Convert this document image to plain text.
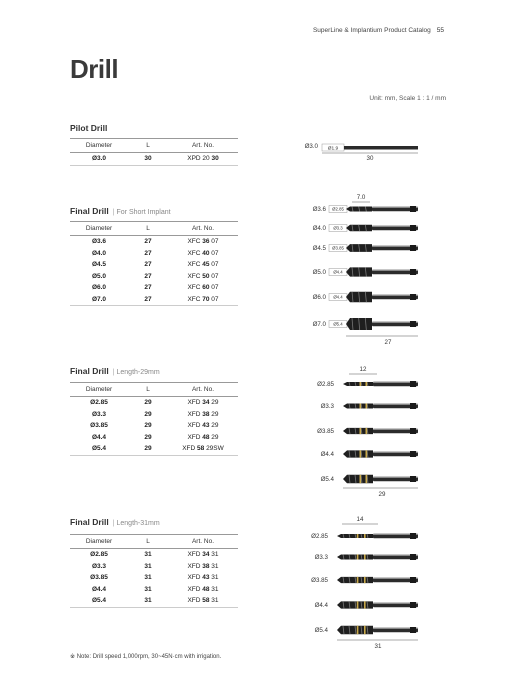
SuperLine & Implantium Product Catalog 55
Drill
Unit: mm, Scale 1 : 1 / mm
Pilot Drill
Diameter	L	Art. No.
Ø3.0	30	XPD 20 30
Final Drill | For Short Implant
Diameter	L	Art. No.
Ø3.6	27	XFC 36 07
Ø4.0	27	XFC 40 07
Ø4.5	27	XFC 45 07
Ø5.0	27	XFC 50 07
Ø6.0	27	XFC 60 07
Ø7.0	27	XFC 70 07
Final Drill | Length-29mm
Diameter	L	Art. No.
Ø2.85	29	XFD 34 29
Ø3.3	29	XFD 38 29
Ø3.85	29	XFD 43 29
Ø4.4	29	XFD 48 29
Ø5.4	29	XFD 58 29SW
Final Drill | Length-31mm
Diameter	L	Art. No.
Ø2.85	31	XFD 34 31
Ø3.3	31	XFD 38 31
Ø3.85	31	XFD 43 31
Ø4.4	31	XFD 48 31
Ø5.4	31	XFD 58 31
※ Note: Drill speed 1,000rpm, 30~45N·cm with irrigation.
Ø3.0 Ø1.9
30
7.0
Ø3.6 Ø2.85
Ø4.0 Ø3.3
Ø4.5 Ø3.85
Ø5.0 Ø4.4
Ø6.0 Ø4.4
Ø7.0 Ø5.4
27
12
Ø2.85
Ø3.3
Ø3.85
Ø4.4
Ø5.4
29
14
Ø2.85
Ø3.3
Ø3.85
Ø4.4
Ø5.4
31
